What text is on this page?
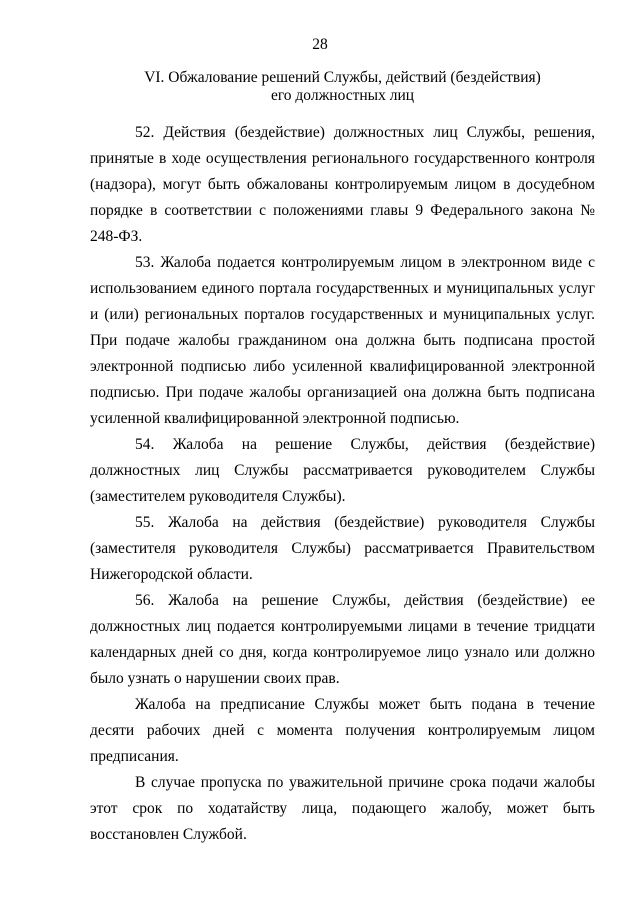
28
VI. Обжалование решений Службы, действий (бездействия)
его должностных лиц

52. Действия (бездействие) должностных лиц Службы, решения, принятые в ходе осуществления регионального государственного контроля (надзора), могут быть обжалованы контролируемым лицом в досудебном порядке в соответствии с положениями главы 9 Федерального закона № 248-ФЗ.

53. Жалоба подается контролируемым лицом в электронном виде с использованием единого портала государственных и муниципальных услуг и (или) региональных порталов государственных и муниципальных услуг. При подаче жалобы гражданином она должна быть подписана простой электронной подписью либо усиленной квалифицированной электронной подписью. При подаче жалобы организацией она должна быть подписана усиленной квалифицированной электронной подписью.

54. Жалоба на решение Службы, действия (бездействие) должностных лиц Службы рассматривается руководителем Службы (заместителем руководителя Службы).

55. Жалоба на действия (бездействие) руководителя Службы (заместителя руководителя Службы) рассматривается Правительством Нижегородской области.

56. Жалоба на решение Службы, действия (бездействие) ее должностных лиц подается контролируемыми лицами в течение тридцати календарных дней со дня, когда контролируемое лицо узнало или должно было узнать о нарушении своих прав.

Жалоба на предписание Службы может быть подана в течение десяти рабочих дней с момента получения контролируемым лицом предписания.

В случае пропуска по уважительной причине срока подачи жалобы этот срок по ходатайству лица, подающего жалобу, может быть восстановлен Службой.
